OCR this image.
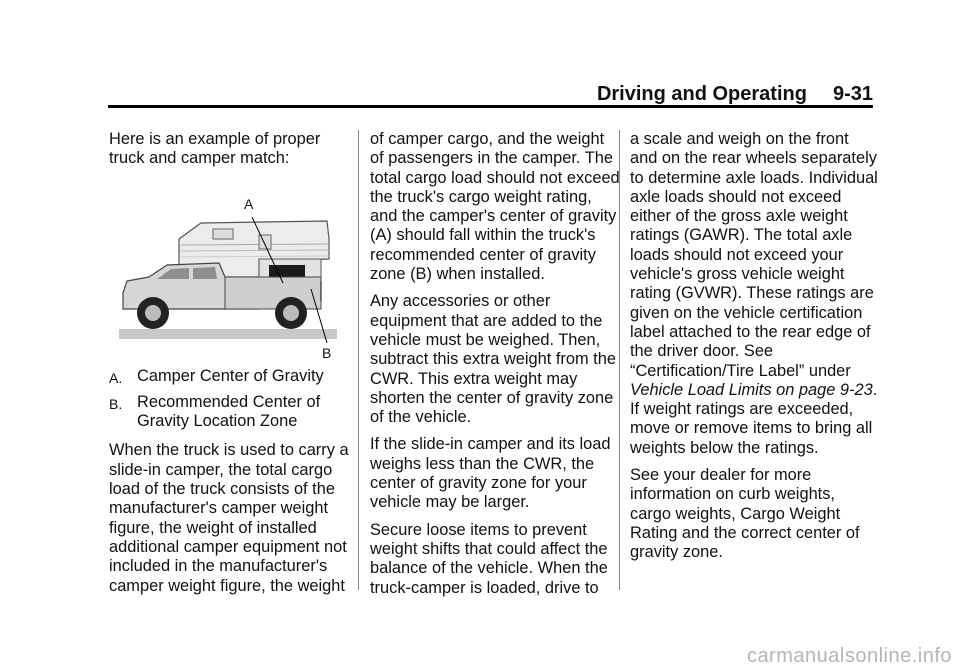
Driving and Operating 9-31

Here is an example of proper truck and camper match:

A
B
A. Camper Center of Gravity
B. Recommended Center of Gravity Location Zone

When the truck is used to carry a slide-in camper, the total cargo load of the truck consists of the manufacturer's camper weight figure, the weight of installed additional camper equipment not included in the manufacturer's camper weight figure, the weight

of camper cargo, and the weight of passengers in the camper. The total cargo load should not exceed the truck's cargo weight rating, and the camper's center of gravity (A) should fall within the truck's recommended center of gravity zone (B) when installed.

Any accessories or other equipment that are added to the vehicle must be weighed. Then, subtract this extra weight from the CWR. This extra weight may shorten the center of gravity zone of the vehicle.

If the slide-in camper and its load weighs less than the CWR, the center of gravity zone for your vehicle may be larger.

Secure loose items to prevent weight shifts that could affect the balance of the vehicle. When the truck-camper is loaded, drive to

a scale and weigh on the front and on the rear wheels separately to determine axle loads. Individual axle loads should not exceed either of the gross axle weight ratings (GAWR). The total axle loads should not exceed your vehicle's gross vehicle weight rating (GVWR). These ratings are given on the vehicle certification label attached to the rear edge of the driver door. See “Certification/Tire Label” under Vehicle Load Limits on page 9‑23. If weight ratings are exceeded, move or remove items to bring all weights below the ratings.

See your dealer for more information on curb weights, cargo weights, Cargo Weight Rating and the correct center of gravity zone.

carmanualsonline.info
